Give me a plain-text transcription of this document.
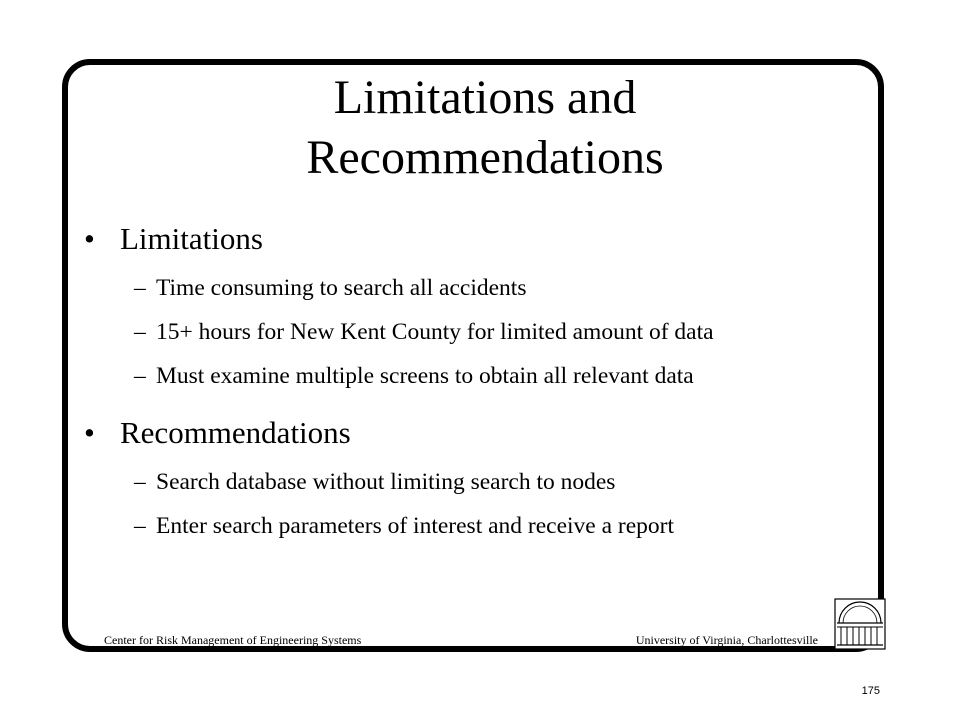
Limitations and
Recommendations
• Limitations
– Time consuming to search all accidents
– 15+ hours for New Kent County for limited amount of data
– Must examine multiple screens to obtain all relevant data
• Recommendations
– Search database without limiting search to nodes
– Enter search parameters of interest and receive a report
Center for Risk Management of Engineering Systems	University of Virginia, Charlottesville
175
